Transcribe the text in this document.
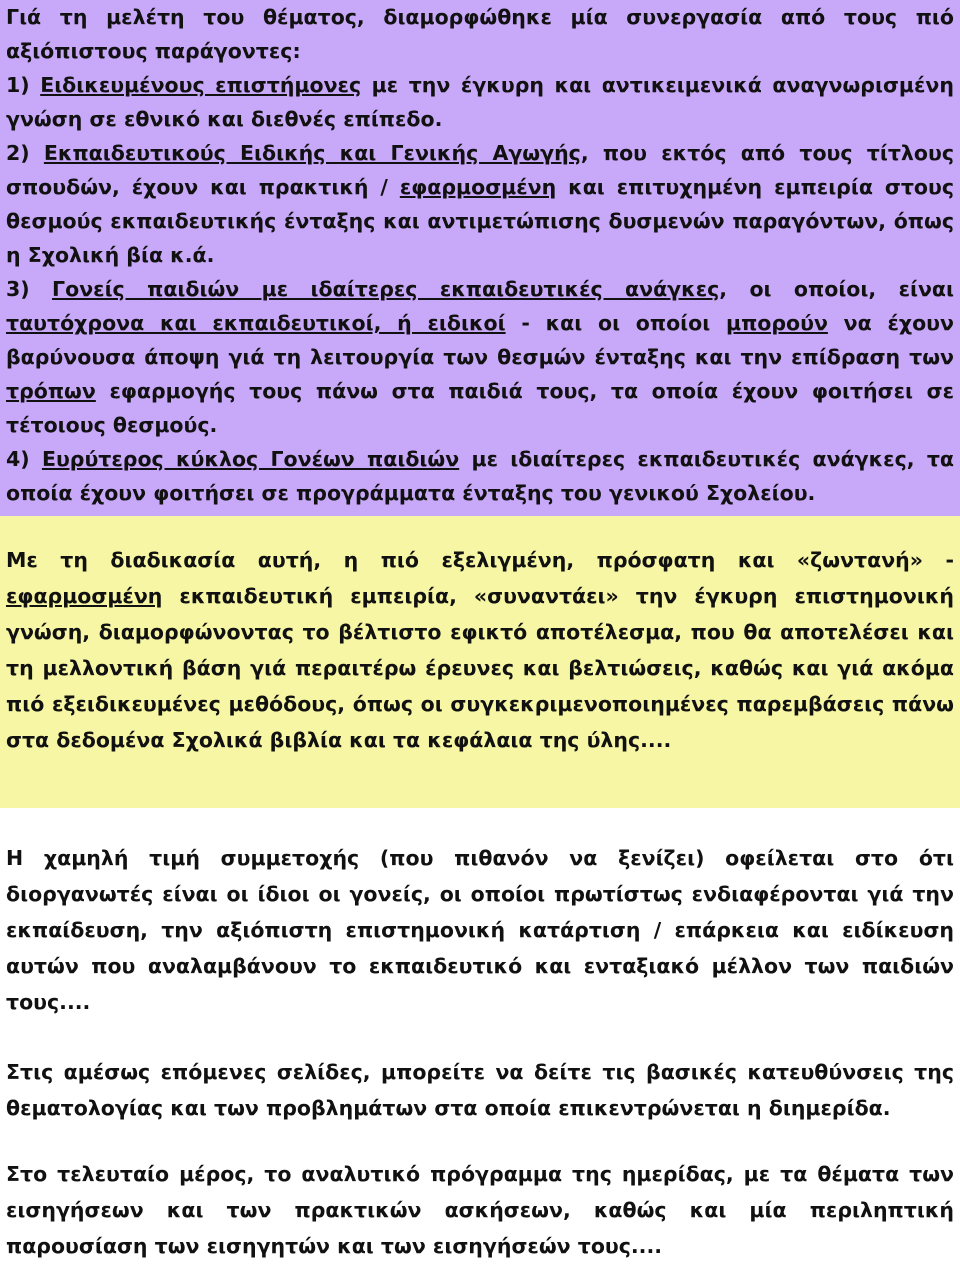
Γιά τη μελέτη του θέματος, διαμορφώθηκε μία συνεργασία από τους πιό αξιόπιστους παράγοντες:

1) Ειδικευμένους επιστήμονες με την έγκυρη και αντικειμενικά αναγνωρισμένη γνώση σε εθνικό και διεθνές επίπεδο.

2) Εκπαιδευτικούς Ειδικής και Γενικής Αγωγής, που εκτός από τους τίτλους σπουδών, έχουν και πρακτική / εφαρμοσμένη και επιτυχημένη εμπειρία στους θεσμούς εκπαιδευτικής ένταξης και αντιμετώπισης δυσμενών παραγόντων, όπως η Σχολική βία κ.ά.

3) Γονείς παιδιών με ιδαίτερες εκπαιδευτικές ανάγκες, οι οποίοι, είναι ταυτόχρονα και εκπαιδευτικοί, ή ειδικοί - και οι οποίοι μπορούν να έχουν βαρύνουσα άποψη γιά τη λειτουργία των θεσμών ένταξης και την επίδραση των τρόπων εφαρμογής τους πάνω στα παιδιά τους, τα οποία έχουν φοιτήσει σε τέτοιους θεσμούς.

4) Ευρύτερος κύκλος Γονέων παιδιών με ιδιαίτερες εκπαιδευτικές ανάγκες, τα οποία έχουν φοιτήσει σε προγράμματα ένταξης του γενικού Σχολείου.

Με τη διαδικασία αυτή, η πιό εξελιγμένη, πρόσφατη και «ζωντανή» - εφαρμοσμένη εκπαιδευτική εμπειρία, «συναντάει» την έγκυρη επιστημονική γνώση, διαμορφώνοντας το βέλτιστο εφικτό αποτέλεσμα, που θα αποτελέσει και τη μελλοντική βάση γιά περαιτέρω έρευνες και βελτιώσεις, καθώς και γιά ακόμα πιό εξειδικευμένες μεθόδους, όπως οι συγκεκριμενοποιημένες παρεμβάσεις πάνω στα δεδομένα Σχολικά βιβλία και τα κεφάλαια της ύλης....

Η χαμηλή τιμή συμμετοχής (που πιθανόν να ξενίζει) οφείλεται στο ότι διοργανωτές είναι οι ίδιοι οι γονείς, οι οποίοι πρωτίστως ενδιαφέρονται γιά την εκπαίδευση, την αξιόπιστη επιστημονική κατάρτιση / επάρκεια και ειδίκευση αυτών που αναλαμβάνουν το εκπαιδευτικό και ενταξιακό μέλλον των παιδιών τους....

Στις αμέσως επόμενες σελίδες, μπορείτε να δείτε τις βασικές κατευθύνσεις της θεματολογίας και των προβλημάτων στα οποία επικεντρώνεται η διημερίδα.

Στο τελευταίο μέρος, το αναλυτικό πρόγραμμα της ημερίδας, με τα θέματα των εισηγήσεων και των πρακτικών ασκήσεων, καθώς και μία περιληπτική παρουσίαση των εισηγητών και των εισηγήσεών τους....
